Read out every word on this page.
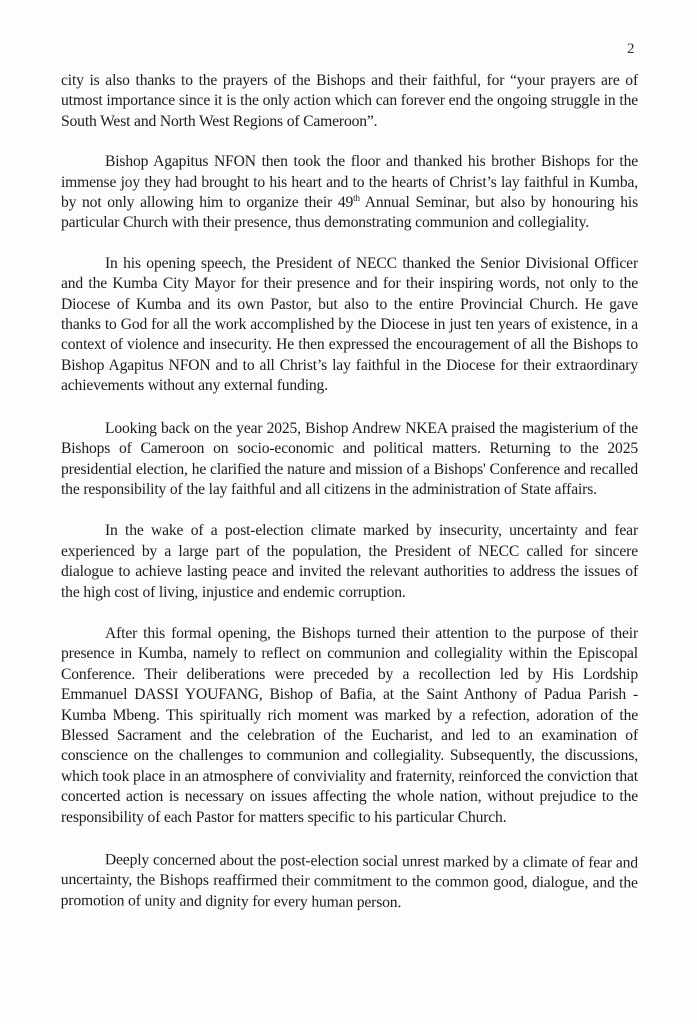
2

city is also thanks to the prayers of the Bishops and their faithful, for “your prayers are of utmost importance since it is the only action which can forever end the ongoing struggle in the South West and North West Regions of Cameroon”.

Bishop Agapitus NFON then took the floor and thanked his brother Bishops for the immense joy they had brought to his heart and to the hearts of Christ’s lay faithful in Kumba, by not only allowing him to organize their 49th Annual Seminar, but also by honouring his particular Church with their presence, thus demonstrating communion and collegiality.

In his opening speech, the President of NECC thanked the Senior Divisional Officer and the Kumba City Mayor for their presence and for their inspiring words, not only to the Diocese of Kumba and its own Pastor, but also to the entire Provincial Church. He gave thanks to God for all the work accomplished by the Diocese in just ten years of existence, in a context of violence and insecurity. He then expressed the encouragement of all the Bishops to Bishop Agapitus NFON and to all Christ’s lay faithful in the Diocese for their extraordinary achievements without any external funding.

Looking back on the year 2025, Bishop Andrew NKEA praised the magisterium of the Bishops of Cameroon on socio-economic and political matters. Returning to the 2025 presidential election, he clarified the nature and mission of a Bishops' Conference and recalled the responsibility of the lay faithful and all citizens in the administration of State affairs.

In the wake of a post-election climate marked by insecurity, uncertainty and fear experienced by a large part of the population, the President of NECC called for sincere dialogue to achieve lasting peace and invited the relevant authorities to address the issues of the high cost of living, injustice and endemic corruption.

After this formal opening, the Bishops turned their attention to the purpose of their presence in Kumba, namely to reflect on communion and collegiality within the Episcopal Conference. Their deliberations were preceded by a recollection led by His Lordship Emmanuel DASSI YOUFANG, Bishop of Bafia, at the Saint Anthony of Padua Parish - Kumba Mbeng. This spiritually rich moment was marked by a refection, adoration of the Blessed Sacrament and the celebration of the Eucharist, and led to an examination of conscience on the challenges to communion and collegiality. Subsequently, the discussions, which took place in an atmosphere of conviviality and fraternity, reinforced the conviction that concerted action is necessary on issues affecting the whole nation, without prejudice to the responsibility of each Pastor for matters specific to his particular Church.

Deeply concerned about the post-election social unrest marked by a climate of fear and uncertainty, the Bishops reaffirmed their commitment to the common good, dialogue, and the promotion of unity and dignity for every human person.
